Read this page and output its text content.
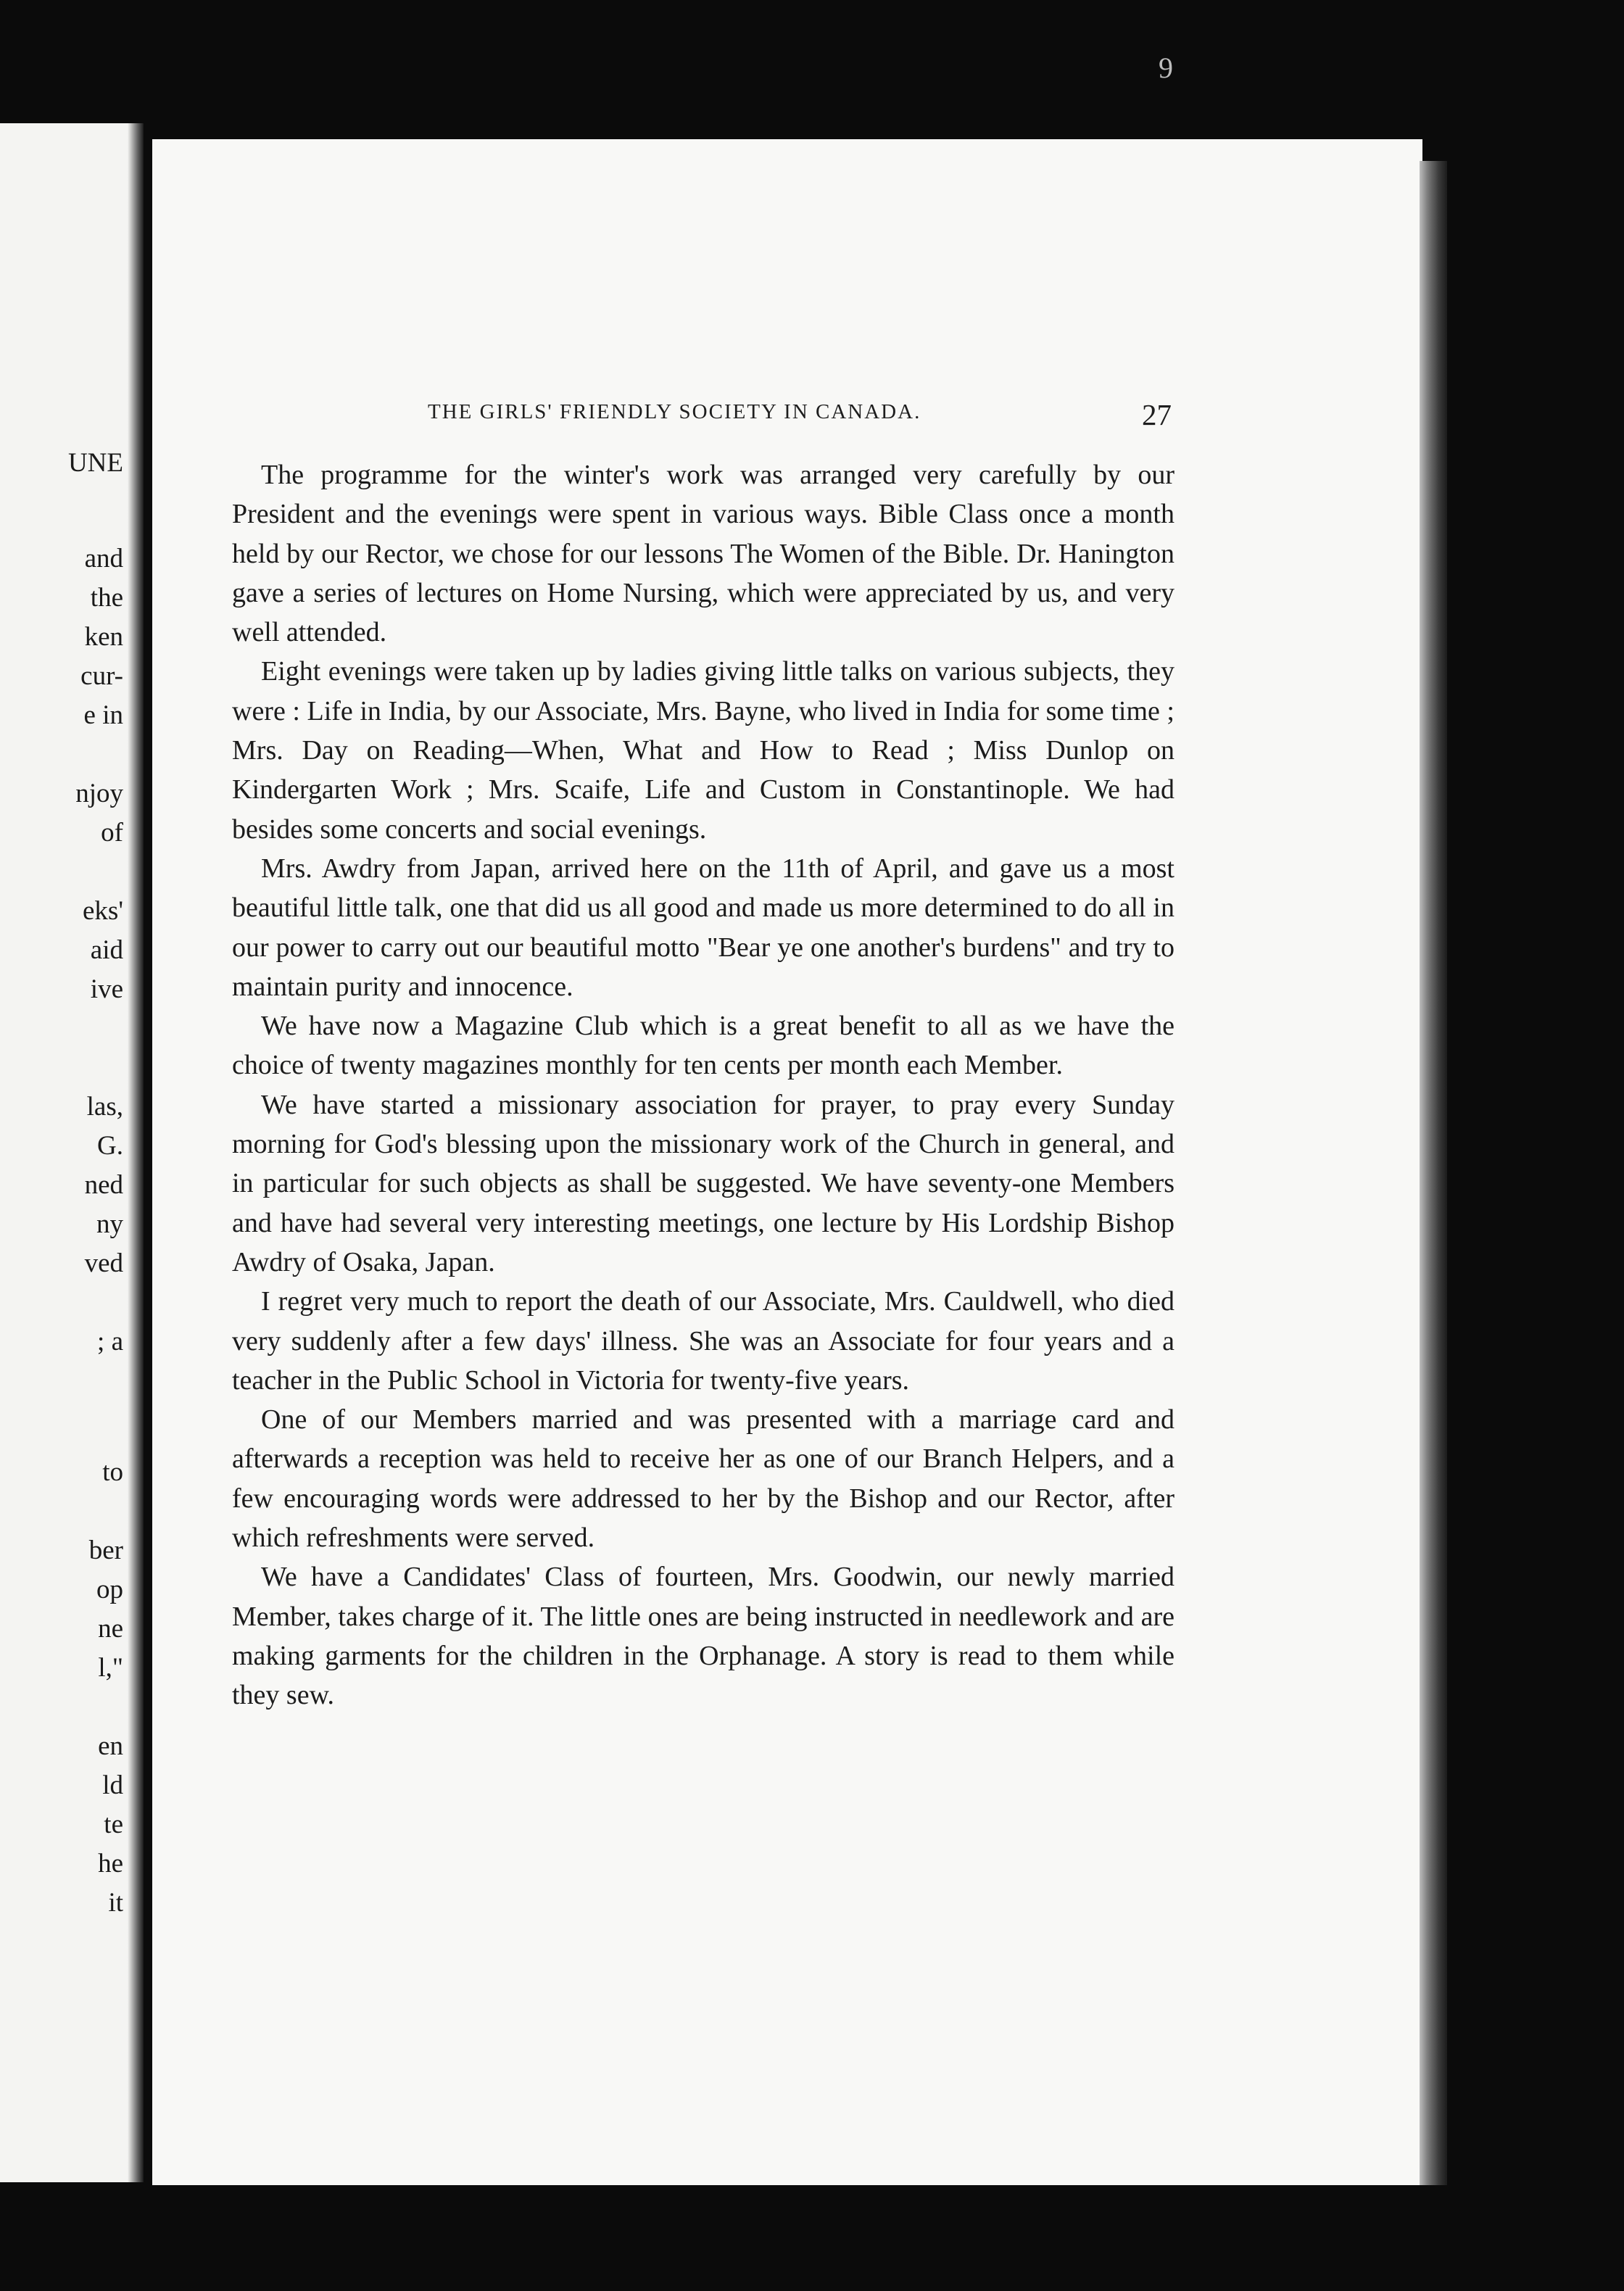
UNE

and

the

ken

cur-

e in

njoy

of

eks'

aid

ive

las,

G.

ned

ny

ved

; a

to

ber

op

ne

l,"

en

ld

te

he

it

9

THE GIRLS' FRIENDLY SOCIETY IN CANADA.	27

The programme for the winter's work was arranged very carefully by our President and the evenings were spent in various ways. Bible Class once a month held by our Rector, we chose for our lessons The Women of the Bible. Dr. Hanington gave a series of lectures on Home Nursing, which were appreciated by us, and very well attended.

Eight evenings were taken up by ladies giving little talks on various subjects, they were : Life in India, by our Associate, Mrs. Bayne, who lived in India for some time ; Mrs. Day on Reading—When, What and How to Read ; Miss Dunlop on Kindergarten Work ; Mrs. Scaife, Life and Custom in Constantinople. We had besides some concerts and social evenings.

Mrs. Awdry from Japan, arrived here on the 11th of April, and gave us a most beautiful little talk, one that did us all good and made us more determined to do all in our power to carry out our beautiful motto "Bear ye one another's burdens" and try to maintain purity and innocence.

We have now a Magazine Club which is a great benefit to all as we have the choice of twenty magazines monthly for ten cents per month each Member.

We have started a missionary association for prayer, to pray every Sunday morning for God's blessing upon the missionary work of the Church in general, and in particular for such objects as shall be suggested. We have seventy-one Members and have had several very interesting meetings, one lecture by His Lordship Bishop Awdry of Osaka, Japan.

I regret very much to report the death of our Associate, Mrs. Cauldwell, who died very suddenly after a few days' illness. She was an Associate for four years and a teacher in the Public School in Victoria for twenty-five years.

One of our Members married and was presented with a marriage card and afterwards a reception was held to receive her as one of our Branch Helpers, and a few encouraging words were addressed to her by the Bishop and our Rector, after which refreshments were served.

We have a Candidates' Class of fourteen, Mrs. Goodwin, our newly married Member, takes charge of it. The little ones are being instructed in needlework and are making garments for the children in the Orphanage. A story is read to them while they sew.
